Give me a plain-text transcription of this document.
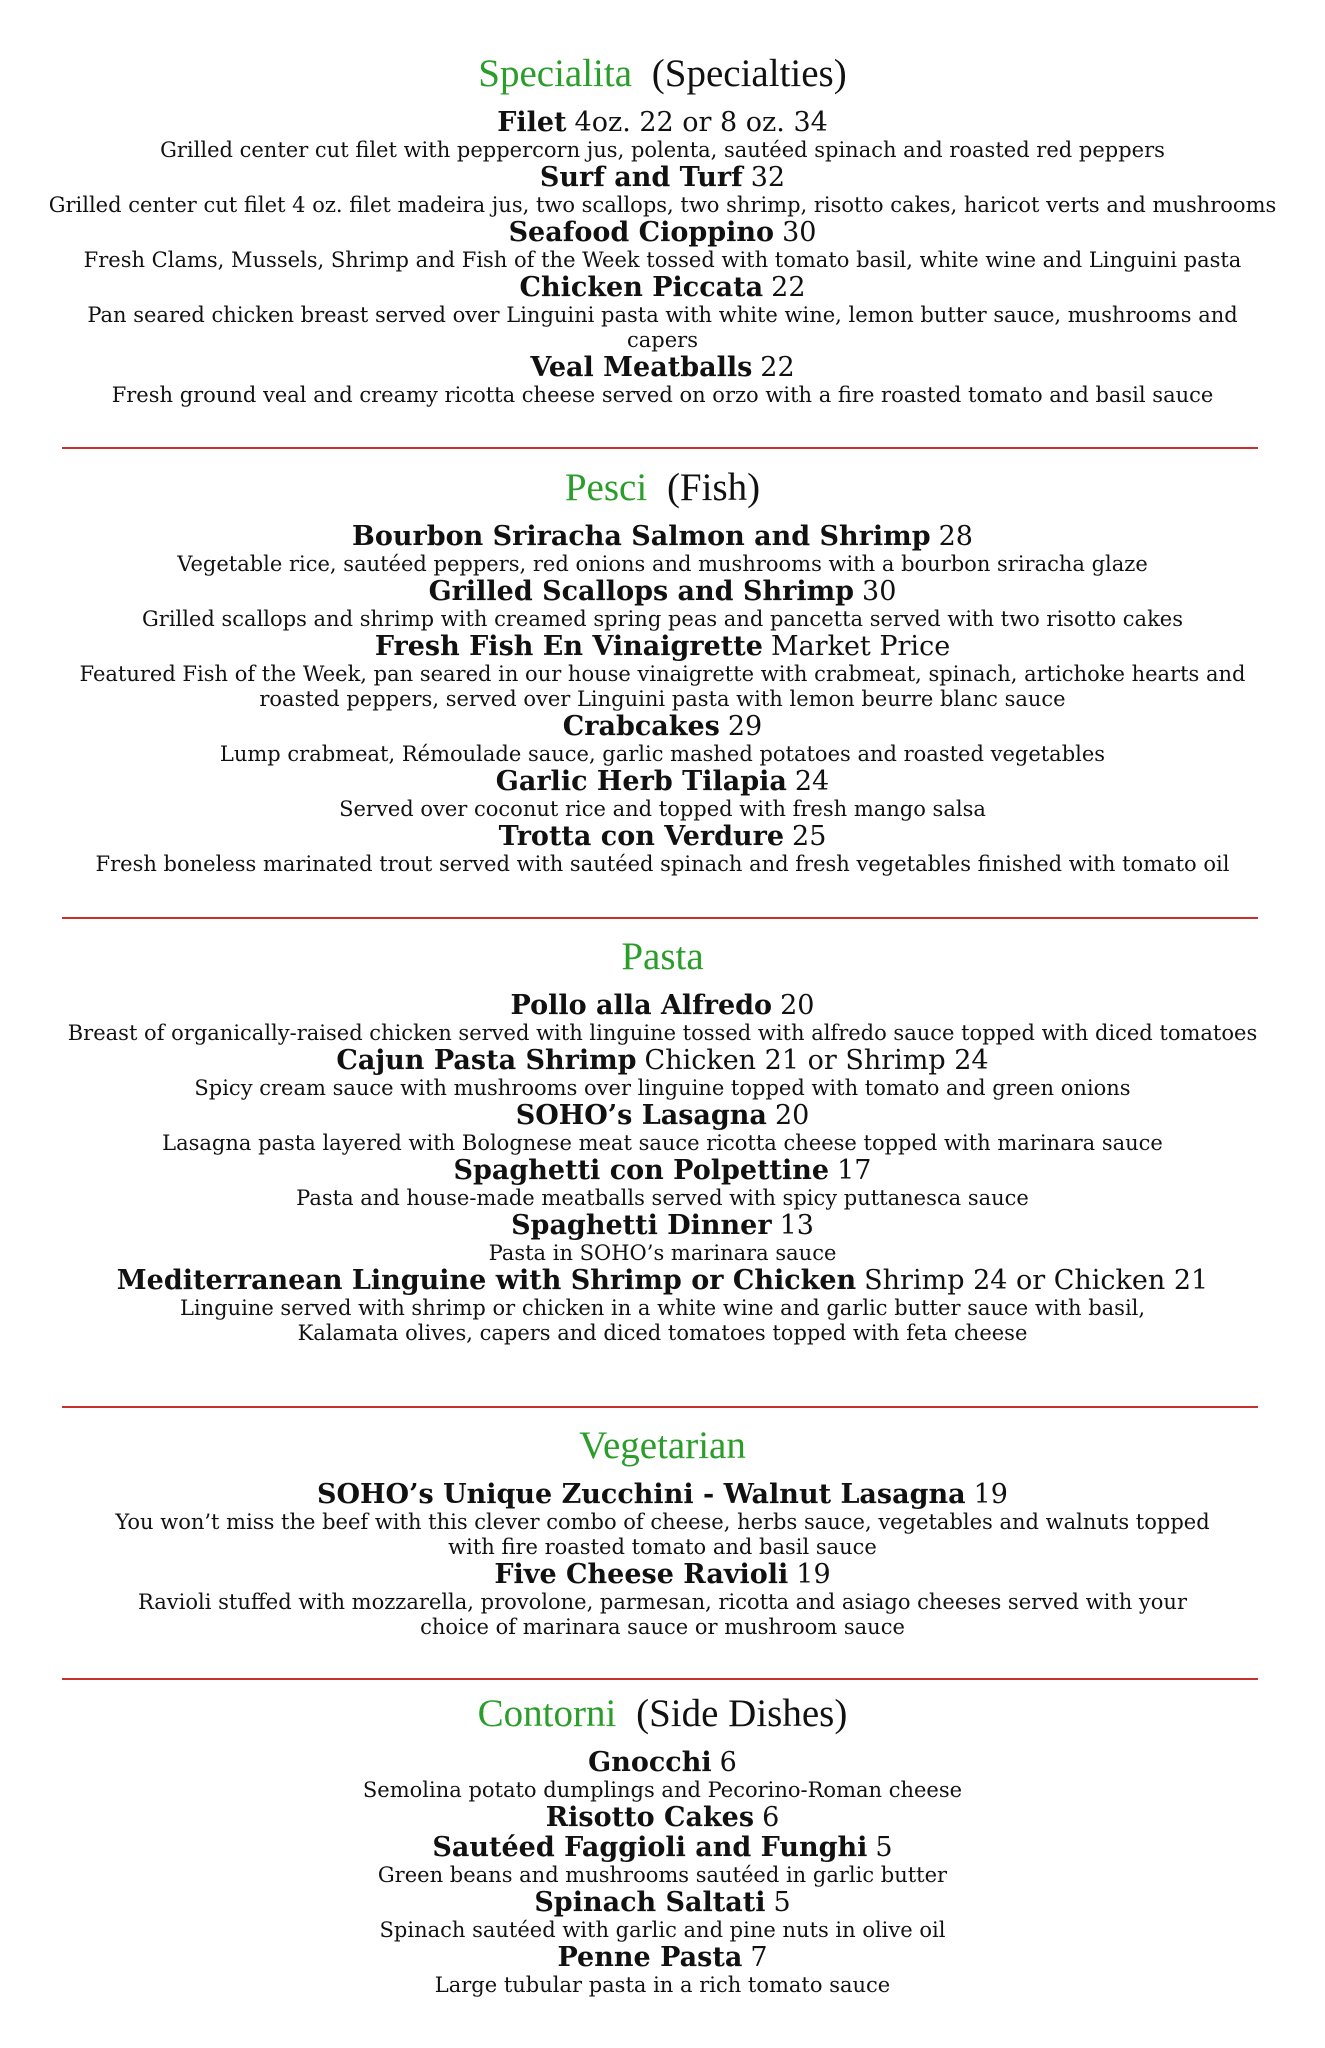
Specialita (Specialties)
Filet 4oz. 22 or 8 oz. 34
Grilled center cut filet with peppercorn jus, polenta, sautéed spinach and roasted red peppers
Surf and Turf 32
Grilled center cut filet 4 oz. filet madeira jus, two scallops, two shrimp, risotto cakes, haricot verts and mushrooms
Seafood Cioppino 30
Fresh Clams, Mussels, Shrimp and Fish of the Week tossed with tomato basil, white wine and Linguini pasta
Chicken Piccata 22
Pan seared chicken breast served over Linguini pasta with white wine, lemon butter sauce, mushrooms and capers
Veal Meatballs 22
Fresh ground veal and creamy ricotta cheese served on orzo with a fire roasted tomato and basil sauce
Pesci (Fish)
Bourbon Sriracha Salmon and Shrimp 28
Vegetable rice, sautéed peppers, red onions and mushrooms with a bourbon sriracha glaze
Grilled Scallops and Shrimp 30
Grilled scallops and shrimp with creamed spring peas and pancetta served with two risotto cakes
Fresh Fish En Vinaigrette Market Price
Featured Fish of the Week, pan seared in our house vinaigrette with crabmeat, spinach, artichoke hearts and roasted peppers, served over Linguini pasta with lemon beurre blanc sauce
Crabcakes 29
Lump crabmeat, Rémoulade sauce, garlic mashed potatoes and roasted vegetables
Garlic Herb Tilapia 24
Served over coconut rice and topped with fresh mango salsa
Trotta con Verdure 25
Fresh boneless marinated trout served with sautéed spinach and fresh vegetables finished with tomato oil
Pasta
Pollo alla Alfredo 20
Breast of organically-raised chicken served with linguine tossed with alfredo sauce topped with diced tomatoes
Cajun Pasta Shrimp Chicken 21 or Shrimp 24
Spicy cream sauce with mushrooms over linguine topped with tomato and green onions
SOHO’s Lasagna 20
Lasagna pasta layered with Bolognese meat sauce ricotta cheese topped with marinara sauce
Spaghetti con Polpettine 17
Pasta and house-made meatballs served with spicy puttanesca sauce
Spaghetti Dinner 13
Pasta in SOHO’s marinara sauce
Mediterranean Linguine with Shrimp or Chicken Shrimp 24 or Chicken 21
Linguine served with shrimp or chicken in a white wine and garlic butter sauce with basil, Kalamata olives, capers and diced tomatoes topped with feta cheese
Vegetarian
SOHO’s Unique Zucchini - Walnut Lasagna 19
You won’t miss the beef with this clever combo of cheese, herbs sauce, vegetables and walnuts topped with fire roasted tomato and basil sauce
Five Cheese Ravioli 19
Ravioli stuffed with mozzarella, provolone, parmesan, ricotta and asiago cheeses served with your choice of marinara sauce or mushroom sauce
Contorni (Side Dishes)
Gnocchi 6
Semolina potato dumplings and Pecorino-Roman cheese
Risotto Cakes 6
Sautéed Faggioli and Funghi 5
Green beans and mushrooms sautéed in garlic butter
Spinach Saltati 5
Spinach sautéed with garlic and pine nuts in olive oil
Penne Pasta 7
Large tubular pasta in a rich tomato sauce
